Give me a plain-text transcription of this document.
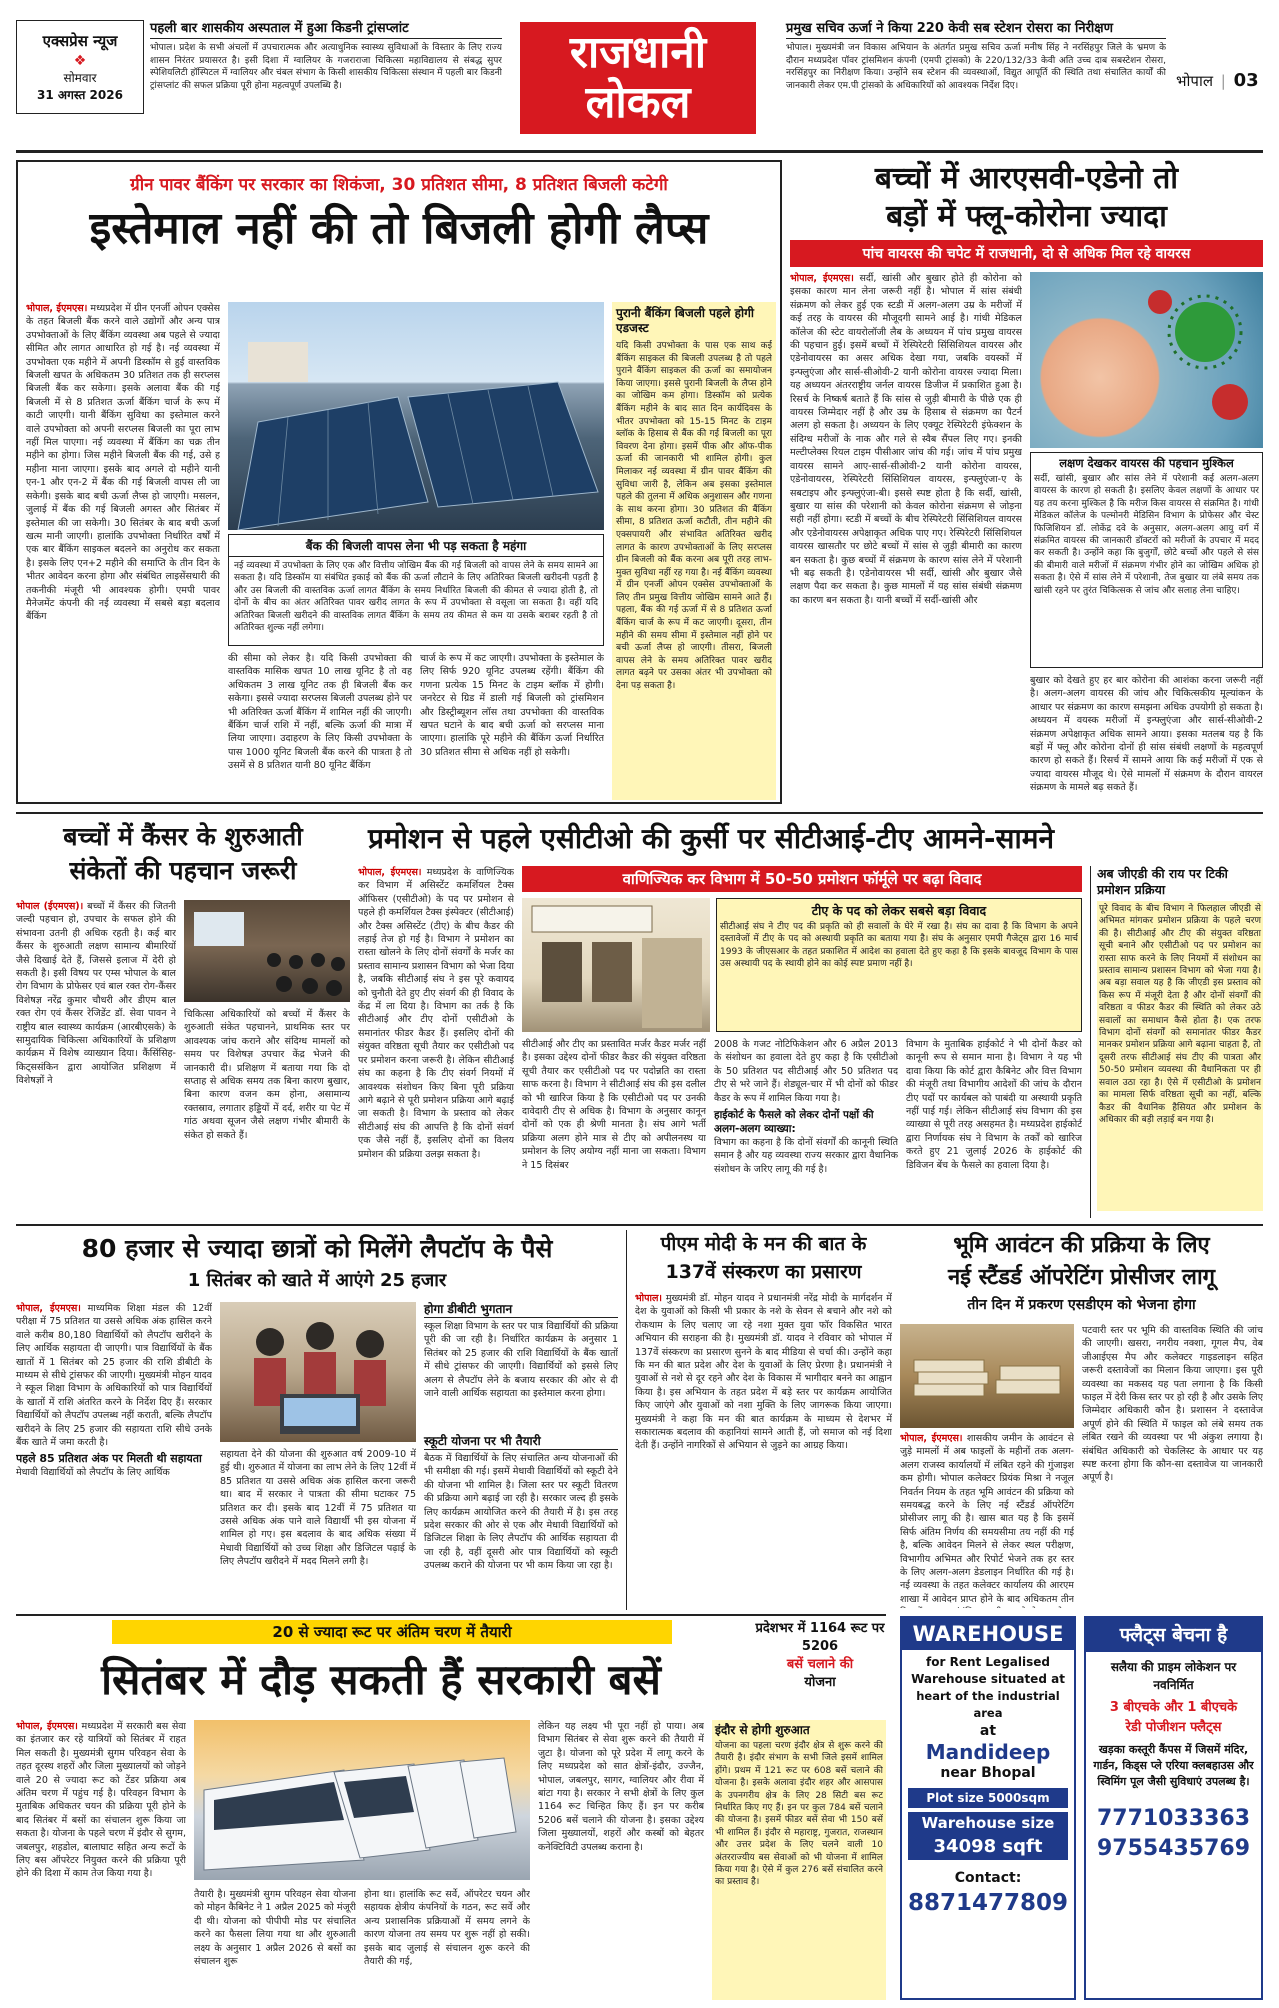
एक्सप्रेस न्यूज
❖
सोमवार
31 अगस्त 2026
पहली बार शासकीय अस्पताल में हुआ किडनी ट्रांसप्लांट
भोपाल। प्रदेश के सभी अंचलों में उपचारात्मक और अत्याधुनिक स्वास्थ्य सुविधाओं के विस्तार के लिए राज्य शासन निरंतर प्रयासरत है। इसी दिशा में ग्वालियर के गजराराजा चिकित्सा महाविद्यालय से संबद्ध सुपर स्पेशियलिटी हॉस्पिटल में ग्वालियर और चंबल संभाग के किसी शासकीय चिकित्सा संस्थान में पहली बार किडनी ट्रांसप्लांट की सफल प्रक्रिया पूरी होना महत्वपूर्ण उपलब्धि है।
राजधानी
लोकल
प्रमुख सचिव ऊर्जा ने किया 220 केवी सब स्टेशन रोसरा का निरीक्षण
भोपाल। मुख्यमंत्री जन विकास अभियान के अंतर्गत प्रमुख सचिव ऊर्जा मनीष सिंह ने नरसिंहपुर जिले के भ्रमण के दौरान मध्यप्रदेश पॉवर ट्रांसमिशन कंपनी (एमपी ट्रांसको) के 220/132/33 केवी अति उच्च दाब सबस्टेशन रोसरा, नरसिंहपुर का निरीक्षण किया। उन्होंने सब स्टेशन की व्यवस्थाओं, विद्युत आपूर्ति की स्थिति तथा संचालित कार्यों की जानकारी लेकर एम.पी ट्रांसको के अधिकारियों को आवश्यक निर्देश दिए।	भोपाल | 03
ग्रीन पावर बैंकिंग पर सरकार का शिकंजा, 30 प्रतिशत सीमा, 8 प्रतिशत बिजली कटेगी
इस्तेमाल नहीं की तो बिजली होगी लैप्स
भोपाल, ईएमएस। मध्यप्रदेश में ग्रीन एनर्जी ओपन एक्सेस के तहत बिजली बैंक करने वाले उद्योगों और अन्य पात्र उपभोक्ताओं के लिए बैंकिंग व्यवस्था अब पहले से ज्यादा सीमित और लागत आधारित हो गई है। नई व्यवस्था में उपभोक्ता एक महीने में अपनी डिस्कॉम से हुई वास्तविक बिजली खपत के अधिकतम 30 प्रतिशत तक ही सरप्लस बिजली बैंक कर सकेगा। इसके अलावा बैंक की गई बिजली में से 8 प्रतिशत ऊर्जा बैंकिंग चार्ज के रूप में काटी जाएगी। यानी बैंकिंग सुविधा का इस्तेमाल करने वाले उपभोक्ता को अपनी सरप्लस बिजली का पूरा लाभ नहीं मिल पाएगा। नई व्यवस्था में बैंकिंग का चक्र तीन महीने का होगा। जिस महीने बिजली बैंक की गई, उसे ह महीना माना जाएगा। इसके बाद अगले दो महीने यानी एन-1 और एन-2 में बैंक की गई बिजली वापस ली जा सकेगी। इसके बाद बची ऊर्जा लैप्स हो जाएगी। मसलन, जुलाई में बैंक की गई बिजली अगस्त और सितंबर में इस्तेमाल की जा सकेगी। 30 सितंबर के बाद बची ऊर्जा खत्म मानी जाएगी। हालांकि उपभोक्ता निर्धारित वर्षों में एक बार बैंकिंग साइकल बदलने का अनुरोध कर सकता है। इसके लिए एन+2 महीने की समाप्ति के तीन दिन के भीतर आवेदन करना होगा और संबंधित लाइसेंसधारी की तकनीकी मंजूरी भी आवश्यक होगी। एमपी पावर मैनेजमेंट कंपनी की नई व्यवस्था में सबसे बड़ा बदलाव बैंकिंग
बैंक की बिजली वापस लेना भी पड़ सकता है महंगा
नई व्यवस्था में उपभोक्ता के लिए एक और वित्तीय जोखिम बैंक की गई बिजली को वापस लेने के समय सामने आ सकता है। यदि डिस्कॉम या संबंधित इकाई को बैंक की ऊर्जा लौटाने के लिए अतिरिक्त बिजली खरीदनी पड़ती है और उस बिजली की वास्तविक ऊर्जा लागत बैंकिंग के समय निर्धारित बिजली की कीमत से ज्यादा होती है, तो दोनों के बीच का अंतर अतिरिक्त पावर खरीद लागत के रूप में उपभोक्ता से वसूला जा सकता है। वहीं यदि अतिरिक्त बिजली खरीदने की वास्तविक लागत बैंकिंग के समय तय कीमत से कम या उसके बराबर रहती है तो अतिरिक्त शुल्क नहीं लगेगा।
की सीमा को लेकर है। यदि किसी उपभोक्ता की वास्तविक मासिक खपत 10 लाख यूनिट है तो वह अधिकतम 3 लाख यूनिट तक ही बिजली बैंक कर सकेगा। इससे ज्यादा सरप्लस बिजली उपलब्ध होने पर भी अतिरिक्त ऊर्जा बैंकिंग में शामिल नहीं की जाएगी। बैंकिंग चार्ज राशि में नहीं, बल्कि ऊर्जा की मात्रा में लिया जाएगा। उदाहरण के लिए किसी उपभोक्ता के पास 1000 यूनिट बिजली बैंक करने की पात्रता है तो उसमें से 8 प्रतिशत यानी 80 यूनिट बैंकिंग
चार्ज के रूप में कट जाएगी। उपभोक्ता के इस्तेमाल के लिए सिर्फ 920 यूनिट उपलब्ध रहेंगी। बैंकिंग की गणना प्रत्येक 15 मिनट के टाइम ब्लॉक में होगी। जनरेटर से ग्रिड में डाली गई बिजली को ट्रांसमिशन और डिस्ट्रीब्यूशन लॉस तथा उपभोक्ता की वास्तविक खपत घटाने के बाद बची ऊर्जा को सरप्लस माना जाएगा। हालांकि पूरे महीने की बैंकिंग ऊर्जा निर्धारित 30 प्रतिशत सीमा से अधिक नहीं हो सकेगी।
पुरानी बैंकिंग बिजली पहले होगी एडजस्ट
यदि किसी उपभोक्ता के पास एक साथ कई बैंकिंग साइकल की बिजली उपलब्ध है तो पहले पुराने बैंकिंग साइकल की ऊर्जा का समायोजन किया जाएगा। इससे पुरानी बिजली के लैप्स होने का जोखिम कम होगा। डिस्कॉम को प्रत्येक बैंकिंग महीने के बाद सात दिन कार्यदिवस के भीतर उपभोक्ता को 15-15 मिनट के टाइम ब्लॉक के हिसाब से बैंक की गई बिजली का पूरा विवरण देना होगा। इसमें पीक और ऑफ-पीक ऊर्जा की जानकारी भी शामिल होगी। कुल मिलाकर नई व्यवस्था में ग्रीन पावर बैंकिंग की सुविधा जारी है, लेकिन अब इसका इस्तेमाल पहले की तुलना में अधिक अनुशासन और गणना के साथ करना होगा। 30 प्रतिशत की बैंकिंग सीमा, 8 प्रतिशत ऊर्जा कटौती, तीन महीने की एक्सपायरी और संभावित अतिरिक्त खरीद लागत के कारण उपभोक्ताओं के लिए सरप्लस ग्रीन बिजली को बैंक करना अब पूरी तरह लाभ-मुक्त सुविधा नहीं रह गया है। नई बैंकिंग व्यवस्था में ग्रीन एनर्जी ओपन एक्सेस उपभोक्ताओं के लिए तीन प्रमुख वित्तीय जोखिम सामने आते हैं। पहला, बैंक की गई ऊर्जा में से 8 प्रतिशत ऊर्जा बैंकिंग चार्ज के रूप में कट जाएगी। दूसरा, तीन महीने की समय सीमा में इस्तेमाल नहीं होने पर बची ऊर्जा लैप्स हो जाएगी। तीसरा, बिजली वापस लेने के समय अतिरिक्त पावर खरीद लागत बढ़ने पर उसका अंतर भी उपभोक्ता को देना पड़ सकता है।
बच्चों में आरएसवी-एडेनो तो
बड़ों में फ्लू-कोरोना ज्यादा
पांच वायरस की चपेट में राजधानी, दो से अधिक मिल रहे वायरस
भोपाल, ईएमएस। सर्दी, खांसी और बुखार होते ही कोरोना को इसका कारण मान लेना जरूरी नहीं है। भोपाल में सांस संबंधी संक्रमण को लेकर हुई एक स्टडी में अलग-अलग उम्र के मरीजों में कई तरह के वायरस की मौजूदगी सामने आई है। गांधी मेडिकल कॉलेज की स्टेट वायरोलॉजी लैब के अध्ययन में पांच प्रमुख वायरस की पहचान हुई। इसमें बच्चों में रेस्पिरेटरी सिंसिशियल वायरस और एडेनोवायरस का असर अधिक देखा गया, जबकि वयस्कों में इन्फ्लुएंजा और सार्स-सीओवी-2 यानी कोरोना वायरस ज्यादा मिला। यह अध्ययन अंतरराष्ट्रीय जर्नल वायरस डिजीज में प्रकाशित हुआ है। रिसर्च के निष्कर्ष बताते हैं कि सांस से जुड़ी बीमारी के पीछे एक ही वायरस जिम्मेदार नहीं है और उम्र के हिसाब से संक्रमण का पैटर्न अलग हो सकता है। अध्ययन के लिए एक्यूट रेस्पिरेटरी इंफेक्शन के संदिग्ध मरीजों के नाक और गले से स्वैब सैंपल लिए गए। इनकी मल्टीप्लेक्स रियल टाइम पीसीआर जांच की गई। जांच में पांच प्रमुख वायरस सामने आए-सार्स-सीओवी-2 यानी कोरोना वायरस, एडेनोवायरस, रेस्पिरेटरी सिंसिशियल वायरस, इन्फ्लुएंजा-ए के सबटाइप और इन्फ्लुएंजा-बी। इससे स्पष्ट होता है कि सर्दी, खांसी, बुखार या सांस की परेशानी को केवल कोरोना संक्रमण से जोड़ना सही नहीं होगा। स्टडी में बच्चों के बीच रेस्पिरेटरी सिंसिशियल वायरस और एडेनोवायरस अपेक्षाकृत अधिक पाए गए। रेस्पिरेटरी सिंसिशियल वायरस खासतौर पर छोटे बच्चों में सांस से जुड़ी बीमारी का कारण बन सकता है। कुछ बच्चों में संक्रमण के कारण सांस लेने में परेशानी भी बढ़ सकती है। एडेनोवायरस भी सर्दी, खांसी और बुखार जैसे लक्षण पैदा कर सकता है। कुछ मामलों में यह सांस संबंधी संक्रमण का कारण बन सकता है। यानी बच्चों में सर्दी-खांसी और
लक्षण देखकर वायरस की पहचान मुश्किल
सर्दी, खांसी, बुखार और सांस लेने में परेशानी कई अलग-अलग वायरस के कारण हो सकती है। इसलिए केवल लक्षणों के आधार पर यह तय करना मुश्किल है कि मरीज किस वायरस से संक्रमित है। गांधी मेडिकल कॉलेज के पल्मोनरी मेडिसिन विभाग के प्रोफेसर और चेस्ट फिजिशियन डॉ. लोकेंद्र दवे के अनुसार, अलग-अलग आयु वर्ग में संक्रमित वायरस की जानकारी डॉक्टरों को मरीजों के उपचार में मदद कर सकती है। उन्होंने कहा कि बुजुर्गों, छोटे बच्चों और पहले से संस की बीमारी वाले मरीजों में संक्रमण गंभीर होने का जोखिम अधिक हो सकता है। ऐसे में सांस लेने में परेशानी, तेज बुखार या लंबे समय तक खांसी रहने पर तुरंत चिकित्सक से जांच और सलाह लेना चाहिए।
बुखार को देखते हुए हर बार कोरोना की आशंका करना जरूरी नहीं है। अलग-अलग वायरस की जांच और चिकित्सकीय मूल्यांकन के आधार पर संक्रमण का कारण समझना अधिक उपयोगी हो सकता है। अध्ययन में वयस्क मरीजों में इन्फ्लुएंजा और सार्स-सीओवी-2 संक्रमण अपेक्षाकृत अधिक सामने आया। इसका मतलब यह है कि बड़ों में फ्लू और कोरोना दोनों ही सांस संबंधी लक्षणों के महत्वपूर्ण कारण हो सकते हैं। रिसर्च में सामने आया कि कई मरीजों में एक से ज्यादा वायरस मौजूद थे। ऐसे मामलों में संक्रमण के दौरान वायरल संक्रमण के मामले बढ़ सकते हैं।
बच्चों में कैंसर के शुरुआती
संकेतों की पहचान जरूरी
भोपाल (ईएमएस)। बच्चों में कैंसर की जितनी जल्दी पहचान हो, उपचार के सफल होने की संभावना उतनी ही अधिक रहती है। कई बार कैंसर के शुरुआती लक्षण सामान्य बीमारियों जैसे दिखाई देते हैं, जिससे इलाज में देरी हो सकती है। इसी विषय पर एम्स भोपाल के बाल रोग विभाग के प्रोफेसर एवं बाल रक्त रोग-कैंसर विशेषज्ञ नरेंद्र कुमार चौधरी और डीएम बाल रक्त रोग एवं कैंसर रेजिडेंट डॉ. सेवा पावन ने राष्ट्रीय बाल स्वास्थ्य कार्यक्रम (आरबीएसके) के सामुदायिक चिकित्सा अधिकारियों के प्रशिक्षण कार्यक्रम में विशेष व्याख्यान दिया। कैंसिंसिह-किट्ससंकिन द्वारा आयोजित प्रशिक्षण में विशेषज्ञों ने
चिकित्सा अधिकारियों को बच्चों में कैंसर के शुरुआती संकेत पहचानने, प्राथमिक स्तर पर आवश्यक जांच कराने और संदिग्ध मामलों को समय पर विशेषज्ञ उपचार केंद्र भेजने की जानकारी दी। प्रशिक्षण में बताया गया कि दो सप्ताह से अधिक समय तक बिना कारण बुखार, बिना कारण वजन कम होना, असामान्य रक्तस्राव, लगातार हड्डियों में दर्द, शरीर या पेट में गांठ अथवा सूजन जैसे लक्षण गंभीर बीमारी के संकेत हो सकते हैं।
प्रमोशन से पहले एसीटीओ की कुर्सी पर सीटीआई-टीए आमने-सामने
भोपाल, ईएमएस। मध्यप्रदेश के वाणिज्यिक कर विभाग में असिस्टेंट कमर्शियल टैक्स ऑफिसर (एसीटीओ) के पद पर प्रमोशन से पहले ही कमर्शियल टैक्स इंस्पेक्टर (सीटीआई) और टैक्स असिस्टेंट (टीए) के बीच कैडर की लड़ाई तेज हो गई है। विभाग ने प्रमोशन का रास्ता खोलने के लिए दोनों संवर्गों के मर्जर का प्रस्ताव सामान्य प्रशासन विभाग को भेजा दिया है, जबकि सीटीआई संघ ने इस पूरे कवायद को चुनौती देते हुए टीए संवर्ग की ही विवाद के केंद्र में ला दिया है। विभाग का तर्क है कि सीटीआई और टीए दोनों एसीटीओ के समानांतर फीडर कैडर हैं। इसलिए दोनों की संयुक्त वरिष्ठता सूची तैयार कर एसीटीओ पद पर प्रमोशन करना जरूरी है। लेकिन सीटीआई संघ का कहना है कि टीए संवर्ग नियमों में आवश्यक संशोधन किए बिना पूरी प्रक्रिया आगे बढ़ाने से पूरी प्रमोशन प्रक्रिया आगे बढ़ाई जा सकती है। विभाग के प्रस्ताव को लेकर सीटीआई संघ की आपत्ति है कि दोनों संवर्ग एक जैसे नहीं हैं, इसलिए दोनों का विलय प्रमोशन की प्रक्रिया उलझ सकता है।
वाणिज्यिक कर विभाग में 50-50 प्रमोशन फॉर्मूले पर बढ़ा विवाद
टीए के पद को लेकर सबसे बड़ा विवाद
सीटीआई संघ ने टीए पद की प्रकृति को ही सवालों के घेरे में रखा है। संघ का दावा है कि विभाग के अपने दस्तावेजों में टीए के पद को अस्थायी प्रकृति का बताया गया है। संघ के अनुसार एमपी गैजेट्स द्वारा 16 मार्च 1993 के जीएसआर के तहत प्रकाशित में आदेश का हवाला देते हुए कहा है कि इसके बावजूद विभाग के पास उस अस्थायी पद के स्थायी होने का कोई स्पष्ट प्रमाण नहीं है।
सीटीआई और टीए का प्रस्तावित मर्जर कैडर मर्जर नहीं है। इसका उद्देश्य दोनों फीडर कैडर की संयुक्त वरिष्ठता सूची तैयार कर एसीटीओ पद पर पदोन्नति का रास्ता साफ करना है। विभाग ने सीटीआई संघ की इस दलील को भी खारिज किया है कि एसीटीओ पद पर उनकी दावेदारी टीए से अधिक है। विभाग के अनुसार कानून दोनों को एक ही श्रेणी मानता है। संघ आगे भर्ती प्रक्रिया अलग होने मात्र से टीए को अपीलनस्थ या प्रमोशन के लिए अयोग्य नहीं माना जा सकता। विभाग ने 15 दिसंबर
2008 के गजट नोटिफिकेशन और 6 अप्रैल 2013 के संशोधन का हवाला देते हुए कहा है कि एसीटीओ के 50 प्रतिशत पद सीटीआई और 50 प्रतिशत पद टीए से भरे जाने हैं। शेड्यूल-चार में भी दोनों को फीडर कैडर के रूप में शामिल किया गया है।
हाईकोर्ट के फैसले को लेकर दोनों पक्षों की अलग-अलग व्याख्या:
विभाग का कहना है कि दोनों संवर्गों की कानूनी स्थिति समान है और यह व्यवस्था राज्य सरकार द्वारा वैधानिक संशोधन के जरिए लागू की गई है।
विभाग के मुताबिक हाईकोर्ट ने भी दोनों कैडर को कानूनी रूप से समान माना है। विभाग ने यह भी दावा किया कि कोर्ट द्वारा कैबिनेट और वित्त विभाग की मंजूरी तथा विभागीय आदेशों की जांच के दौरान टीए पदों पर कार्यबल को पाबंदी या अस्थायी प्रकृति नहीं पाई गई। लेकिन सीटीआई संघ विभाग की इस व्याख्या से पूरी तरह असहमत है। मध्यप्रदेश हाईकोर्ट द्वारा निर्णायक संघ ने विभाग के तर्कों को खारिज करते हुए 21 जुलाई 2026 के हाईकोर्ट की डिविजन बेंच के फैसले का हवाला दिया है।
अब जीएडी की राय पर टिकी प्रमोशन प्रक्रिया
पूरे विवाद के बीच विभाग ने फिलहाल जीएडी से अभिमत मांगकर प्रमोशन प्रक्रिया के पहले चरण की है। सीटीआई और टीए की संयुक्त वरिष्ठता सूची बनाने और एसीटीओ पद पर प्रमोशन का रास्ता साफ करने के लिए नियमों में संशोधन का प्रस्ताव सामान्य प्रशासन विभाग को भेजा गया है। अब बड़ा सवाल यह है कि जीएडी इस प्रस्ताव को किस रूप में मंजूरी देता है और दोनों संवर्गों की वरिष्ठता व फीडर कैडर की स्थिति को लेकर उठे सवालों का समाधान कैसे होता है। एक तरफ विभाग दोनों संवर्गों को समानांतर फीडर कैडर मानकर प्रमोशन प्रक्रिया आगे बढ़ाना चाहता है, तो दूसरी तरफ सीटीआई संघ टीए की पात्रता और 50-50 प्रमोशन व्यवस्था की वैधानिकता पर ही सवाल उठा रहा है। ऐसे में एसीटीओ के प्रमोशन का मामला सिर्फ वरिष्ठता सूची का नहीं, बल्कि कैडर की वैधानिक हैसियत और प्रमोशन के अधिकार की बड़ी लड़ाई बन गया है।
80 हजार से ज्यादा छात्रों को मिलेंगे लैपटॉप के पैसे
1 सितंबर को खाते में आएंगे 25 हजार
भोपाल, ईएमएस। माध्यमिक शिक्षा मंडल की 12वीं परीक्षा में 75 प्रतिशत या उससे अधिक अंक हासिल करने वाले करीब 80,180 विद्यार्थियों को लैपटॉप खरीदने के लिए आर्थिक सहायता दी जाएगी। पात्र विद्यार्थियों के बैंक खातों में 1 सितंबर को 25 हजार की राशि डीबीटी के माध्यम से सीधे ट्रांसफर की जाएगी। मुख्यमंत्री मोहन यादव ने स्कूल शिक्षा विभाग के अधिकारियों को पात्र विद्यार्थियों के खातों में राशि अंतरित करने के निर्देश दिए हैं। सरकार विद्यार्थियों को लैपटॉप उपलब्ध नहीं कराती, बल्कि लैपटॉप खरीदने के लिए 25 हजार की सहायता राशि सीधे उनके बैंक खाते में जमा करती है।
पहले 85 प्रतिशत अंक पर मिलती थी सहायता
मेधावी विद्यार्थियों को लैपटॉप के लिए आर्थिक
सहायता देने की योजना की शुरुआत वर्ष 2009-10 में हुई थी। शुरुआत में योजना का लाभ लेने के लिए 12वीं में 85 प्रतिशत या उससे अधिक अंक हासिल करना जरूरी था। बाद में सरकार ने पात्रता की सीमा घटाकर 75 प्रतिशत कर दी। इसके बाद 12वीं में 75 प्रतिशत या उससे अधिक अंक पाने वाले विद्यार्थी भी इस योजना में शामिल हो गए। इस बदलाव के बाद अधिक संख्या में मेधावी विद्यार्थियों को उच्च शिक्षा और डिजिटल पढ़ाई के लिए लैपटॉप खरीदने में मदद मिलने लगी है।
होगा डीबीटी भुगतान
स्कूल शिक्षा विभाग के स्तर पर पात्र विद्यार्थियों की प्रक्रिया पूरी की जा रही है। निर्धारित कार्यक्रम के अनुसार 1 सितंबर को 25 हजार की राशि विद्यार्थियों के बैंक खातों में सीधे ट्रांसफर की जाएगी। विद्यार्थियों को इससे लिए अलग से लैपटॉप लेने के बजाय सरकार की ओर से दी जाने वाली आर्थिक सहायता का इस्तेमाल करना होगा।
स्कूटी योजना पर भी तैयारी
बैठक में विद्यार्थियों के लिए संचालित अन्य योजनाओं की भी समीक्षा की गई। इसमें मेधावी विद्यार्थियों को स्कूटी देने की योजना भी शामिल है। जिला स्तर पर स्कूटी वितरण की प्रक्रिया आगे बढ़ाई जा रही है। सरकार जल्द ही इसके लिए कार्यक्रम आयोजित करने की तैयारी में है। इस तरह प्रदेश सरकार की ओर से एक और मेधावी विद्यार्थियों को डिजिटल शिक्षा के लिए लैपटॉप की आर्थिक सहायता दी जा रही है, वहीं दूसरी ओर पात्र विद्यार्थियों को स्कूटी उपलब्ध कराने की योजना पर भी काम किया जा रहा है।
पीएम मोदी के मन की बात के
137वें संस्करण का प्रसारण
भोपाल। मुख्यमंत्री डॉ. मोहन यादव ने प्रधानमंत्री नरेंद्र मोदी के मार्गदर्शन में देश के युवाओं को किसी भी प्रकार के नशे के सेवन से बचाने और नशे को रोकथाम के लिए चलाए जा रहे नशा मुक्त युवा फॉर विकसित भारत अभियान की सराहना की है। मुख्यमंत्री डॉ. यादव ने रविवार को भोपाल में 137वें संस्करण का प्रसारण सुनने के बाद मीडिया से चर्चा की। उन्होंने कहा कि मन की बात प्रदेश और देश के युवाओं के लिए प्रेरणा है। प्रधानमंत्री ने युवाओं से नशे से दूर रहने और देश के विकास में भागीदार बनने का आह्वान किया है। इस अभियान के तहत प्रदेश में बड़े स्तर पर कार्यक्रम आयोजित किए जाएंगे और युवाओं को नशा मुक्ति के लिए जागरूक किया जाएगा। मुख्यमंत्री ने कहा कि मन की बात कार्यक्रम के माध्यम से देशभर में सकारात्मक बदलाव की कहानियां सामने आती हैं, जो समाज को नई दिशा देती हैं। उन्होंने नागरिकों से अभियान से जुड़ने का आग्रह किया।
भूमि आवंटन की प्रक्रिया के लिए
नई स्टैंडर्ड ऑपरेटिंग प्रोसीजर लागू
तीन दिन में प्रकरण एसडीएम को भेजना होगा
भोपाल, ईएमएस। शासकीय जमीन के आवंटन से जुड़े मामलों में अब फाइलों के महीनों तक अलग-अलग राजस्व कार्यालयों में लंबित रहने की गुंजाइश कम होगी। भोपाल कलेक्टर प्रियंक मिश्रा ने नजूल निवर्तन नियम के तहत भूमि आवंटन की प्रक्रिया को समयबद्ध करने के लिए नई स्टैंडर्ड ऑपरेटिंग प्रोसीजर लागू की है। खास बात यह है कि इसमें सिर्फ अंतिम निर्णय की समयसीमा तय नहीं की गई है, बल्कि आवेदन मिलने से लेकर स्थल परीक्षण, विभागीय अभिमत और रिपोर्ट भेजने तक हर स्तर के लिए अलग-अलग डेडलाइन निर्धारित की गई है। नई व्यवस्था के तहत कलेक्टर कार्यालय की आरएम शाखा में आवेदन प्राप्त होने के बाद अधिकतम तीन
पटवारी स्तर पर भूमि की वास्तविक स्थिति की जांच की जाएगी। खसरा, नगरीय नक्शा, गूगल मैप, वेब जीआईएस मैप और कलेक्टर गाइडलाइन सहित जरूरी दस्तावेजों का मिलान किया जाएगा। इस पूरी व्यवस्था का मकसद यह पता लगाना है कि किसी फाइल में देरी किस स्तर पर हो रही है और उसके लिए जिम्मेदार अधिकारी कौन है। प्रशासन ने दस्तावेज अपूर्ण होने की स्थिति में फाइल को लंबे समय तक लंबित रखने की व्यवस्था पर भी अंकुश लगाया है। संबंधित अधिकारी को चेकलिस्ट के आधार पर यह स्पष्ट करना होगा कि कौन-सा दस्तावेज या जानकारी अपूर्ण है।
20 से ज्यादा रूट पर अंतिम चरण में तैयारी
सितंबर में दौड़ सकती हैं सरकारी बसें
प्रदेशभर में 1164 रूट पर 5206
बसें चलाने की
योजना
भोपाल, ईएमएस। मध्यप्रदेश में सरकारी बस सेवा का इंतजार कर रहे यात्रियों को सितंबर में राहत मिल सकती है। मुख्यमंत्री सुगम परिवहन सेवा के तहत दूरस्थ शहरों और जिला मुख्यालयों को जोड़ने वाले 20 से ज्यादा रूट को टेंडर प्रक्रिया अब अंतिम चरण में पहुंच गई है। परिवहन विभाग के मुताबिक अधिकतर चयन की प्रक्रिया पूरी होने के बाद सितंबर में बसों का संचालन शुरू किया जा सकता है। योजना के पहले चरण में इंदौर से सुगम, जबलपुर, शहडोल, बालाघाट सहित अन्य रूटों के लिए बस ऑपरेटर नियुक्त करने की प्रक्रिया पूरी होने की दिशा में काम तेज किया गया है।
तैयारी है। मुख्यमंत्री सुगम परिवहन सेवा योजना को मोहन कैबिनेट ने 1 अप्रैल 2025 को मंजूरी दी थी। योजना को पीपीपी मोड पर संचालित करने का फैसला लिया गया था और शुरुआती लक्ष्य के अनुसार 1 अप्रैल 2026 से बसों का संचालन शुरू
होना था। हालांकि रूट सर्वे, ऑपरेटर चयन और सहायक क्षेत्रीय कंपनियों के गठन, रूट सर्वे और अन्य प्रशासनिक प्रक्रियाओं में समय लगने के कारण योजना तय समय पर शुरू नहीं हो सकी। इसके बाद जुलाई से संचालन शुरू करने की तैयारी की गई,
लेकिन यह लक्ष्य भी पूरा नहीं हो पाया। अब विभाग सितंबर से सेवा शुरू करने की तैयारी में जुटा है। योजना को पूरे प्रदेश में लागू करने के लिए मध्यप्रदेश को सात क्षेत्रों-इंदौर, उज्जैन, भोपाल, जबलपुर, सागर, ग्वालियर और रीवा में बांटा गया है। सरकार ने सभी क्षेत्रों के लिए कुल 1164 रूट चिन्हित किए हैं। इन पर करीब 5206 बसें चलाने की योजना है। इसका उद्देश्य जिला मुख्यालयों, शहरों और कस्बों को बेहतर कनेक्टिविटी उपलब्ध कराना है।
इंदौर से होगी शुरुआत
योजना का पहला चरण इंदौर क्षेत्र से शुरू करने की तैयारी है। इंदौर संभाग के सभी जिले इसमें शामिल होंगे। प्रथम में 121 रूट पर 608 बसें चलाने की योजना है। इसके अलावा इंदौर शहर और आसपास के उपनगरीय क्षेत्र के लिए 28 सिटी बस रूट निर्धारित किए गए हैं। इन पर कुल 784 बसें चलाने की योजना है। इसमें फीडर बसें सेवा भी 150 बसें भी शामिल हैं। इंदौर से महाराष्ट्र, गुजरात, राजस्थान और उत्तर प्रदेश के लिए चलने वाली 10 अंतरराज्यीय बस सेवाओं को भी योजना में शामिल किया गया है। ऐसे में कुल 276 बसें संचालित करने का प्रस्ताव है।
WAREHOUSE
for Rent Legalised
Warehouse situated at
heart of the industrial area
at
Mandideep
near Bhopal
Plot size 5000sqm
Warehouse size
34098 sqft
Contact:
8871477809
फ्लैट्स बेचना है
सलैया की प्राइम लोकेशन पर
नवनिर्मित
3 बीएचके और 1 बीएचके
रेडी पोजीशन फ्लैट्स
खड़का कस्तूरी कैंपस में जिसमें मंदिर, गार्डन, किड्स प्ले एरिया क्लबहाउस और स्विमिंग पूल जैसी सुविधाएं उपलब्ध है।
7771033363
9755435769
